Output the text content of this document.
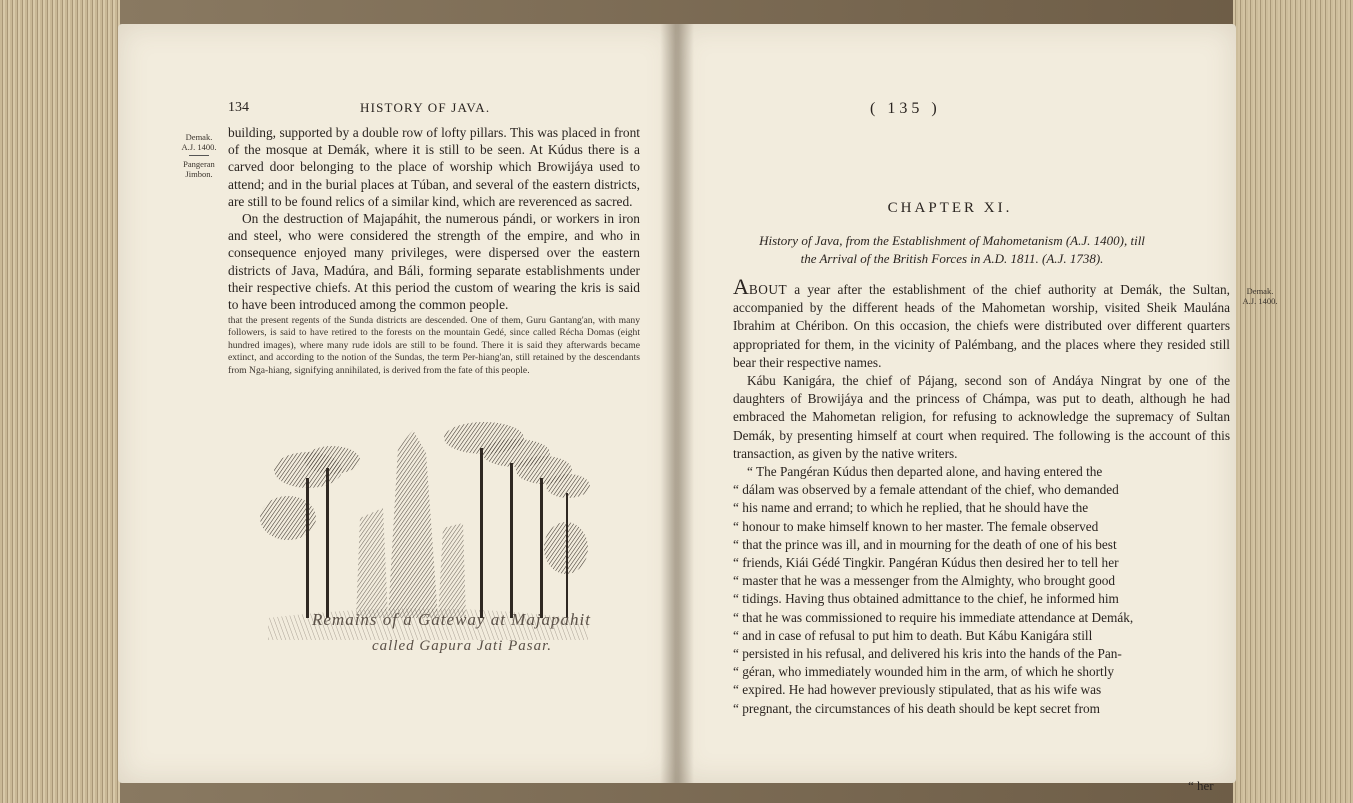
134	HISTORY OF JAVA.
Demak.
A.J. 1400.
Pangeran
Jimbon.

building, supported by a double row of lofty pillars. This was placed in front of the mosque at Demák, where it is still to be seen. At Kúdus there is a carved door belonging to the place of worship which Browijáya used to attend; and in the burial places at Túban, and several of the eastern districts, are still to be found relics of a similar kind, which are reverenced as sacred.

On the destruction of Majapáhit, the numerous pándi, or workers in iron and steel, who were considered the strength of the empire, and who in consequence enjoyed many privileges, were dispersed over the eastern districts of Java, Madúra, and Báli, forming separate establishments under their respective chiefs. At this period the custom of wearing the kris is said to have been introduced among the common people.

that the present regents of the Sunda districts are descended. One of them, Guru Gantang'an, with many followers, is said to have retired to the forests on the mountain Gedé, since called Récha Domas (eight hundred images), where many rude idols are still to be found. There it is said they afterwards became extinct, and according to the notion of the Sundas, the term Per-hiang'an, still retained by the descendants from Nga-hiang, signifying annihilated, is derived from the fate of this people.
Remains of a Gateway at Majapahit
called Gapura Jati Pasar.
( 135 )
CHAPTER XI.
History of Java, from the Establishment of Mahometanism (A.J. 1400), till
the Arrival of the British Forces in A.D. 1811. (A.J. 1738).
Demak.
A.J. 1400.

ABOUT a year after the establishment of the chief authority at Demák, the Sultan, accompanied by the different heads of the Mahometan worship, visited Sheik Maulána Ibrahim at Chéribon. On this occasion, the chiefs were distributed over different quarters appropriated for them, in the vicinity of Palémbang, and the places where they resided still bear their respective names.

Kábu Kanigára, the chief of Pájang, second son of Andáya Ningrat by one of the daughters of Browijáya and the princess of Chámpa, was put to death, although he had embraced the Mahometan religion, for refusing to acknowledge the supremacy of Sultan Demák, by presenting himself at court when required. The following is the account of this transaction, as given by the native writers.

“ The Pangéran Kúdus then departed alone, and having entered the
“ dálam was observed by a female attendant of the chief, who demanded
“ his name and errand; to which he replied, that he should have the
“ honour to make himself known to her master. The female observed
“ that the prince was ill, and in mourning for the death of one of his best
“ friends, Kiái Gédé Tingkir. Pangéran Kúdus then desired her to tell her
“ master that he was a messenger from the Almighty, who brought good
“ tidings. Having thus obtained admittance to the chief, he informed him
“ that he was commissioned to require his immediate attendance at Demák,
“ and in case of refusal to put him to death. But Kábu Kanigára still
“ persisted in his refusal, and delivered his kris into the hands of the Pan-
“ géran, who immediately wounded him in the arm, of which he shortly
“ expired. He had however previously stipulated, that as his wife was
“ pregnant, the circumstances of his death should be kept secret from
“ her
